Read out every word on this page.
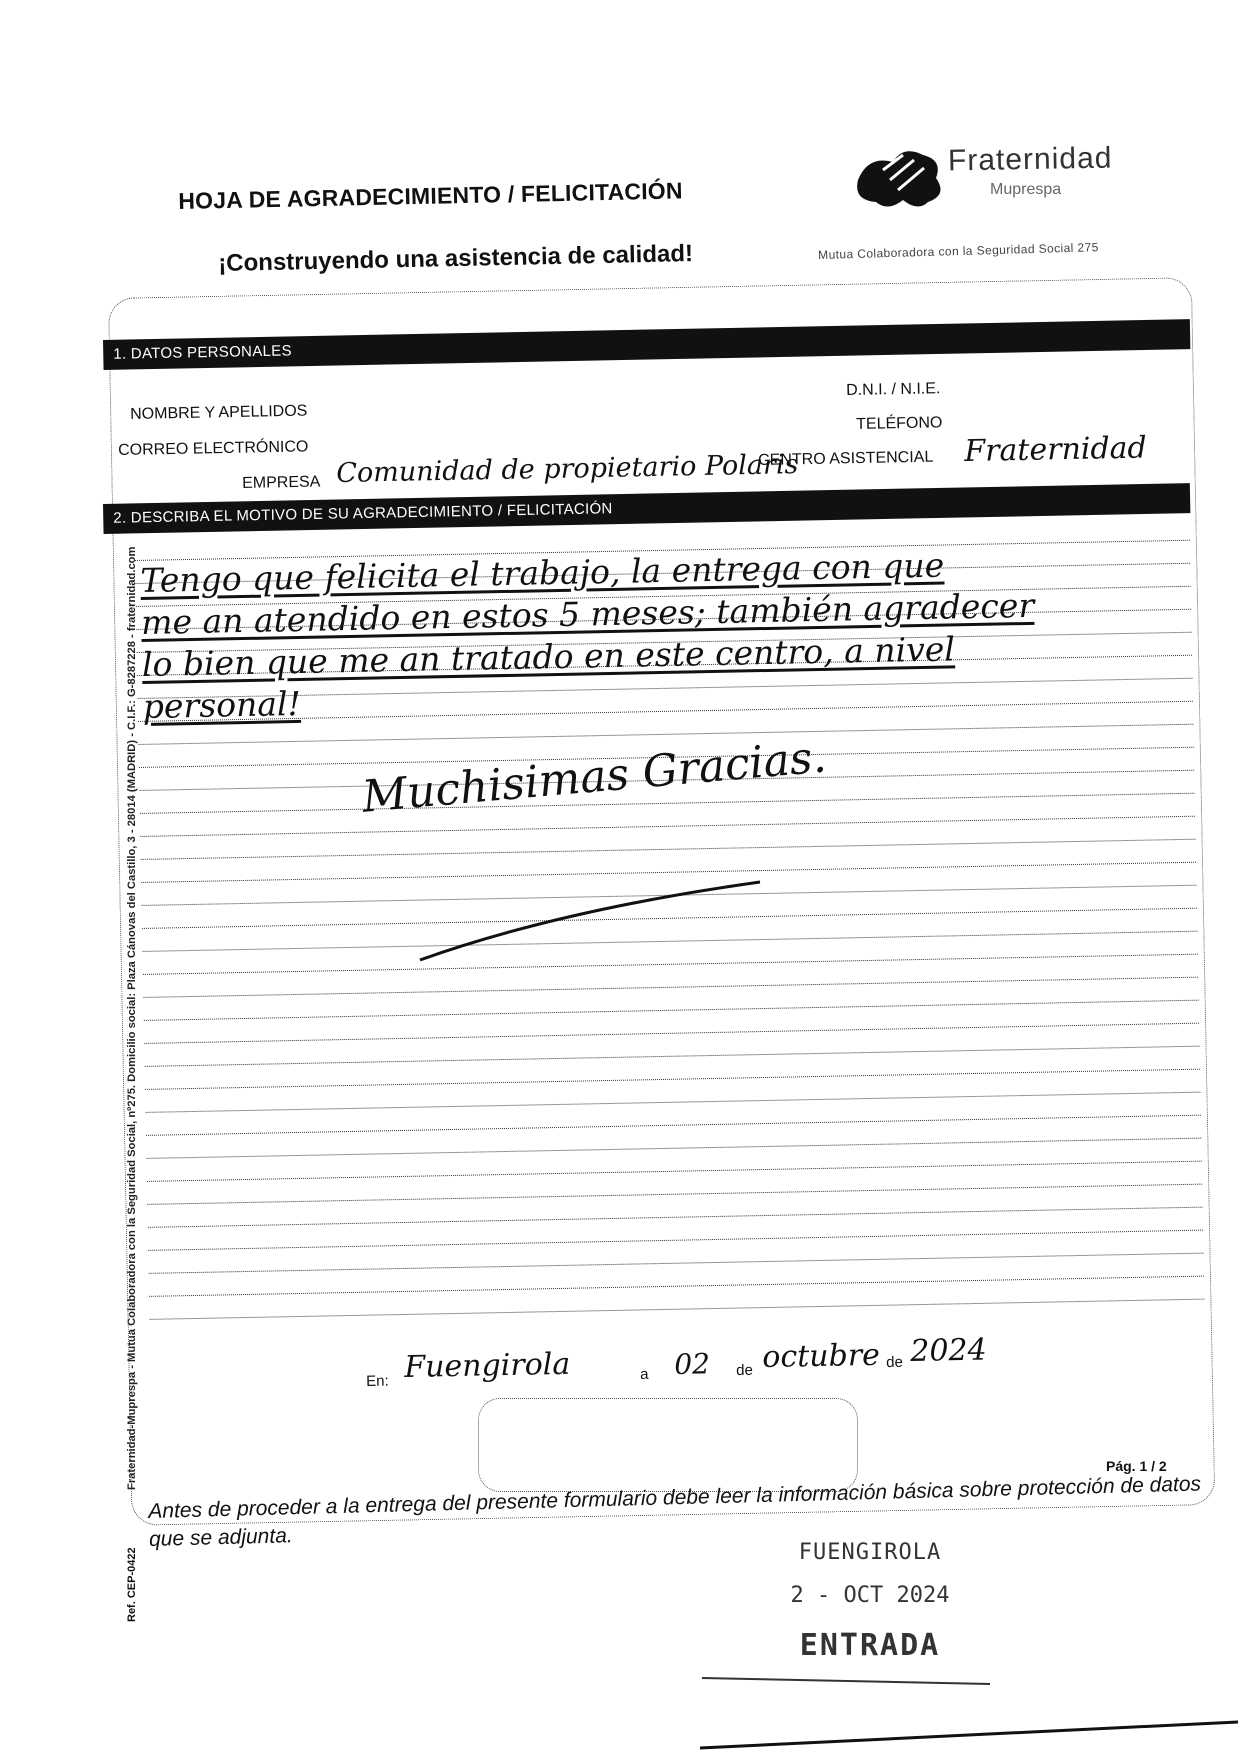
HOJA DE AGRADECIMIENTO / FELICITACIÓN
¡Construyendo una asistencia de calidad!
Fraternidad
Muprespa
Mutua Colaboradora con la Seguridad Social 275
Fraternidad-Muprespa - Mutua Colaboradora con la Seguridad Social, nº275. Domicilio social: Plaza Cánovas del Castillo, 3 - 28014 (MADRID) - C.I.F.: G-8287228 - fraternidad.com
Ref. CEP-0422
1. DATOS PERSONALES
NOMBRE Y APELLIDOS
CORREO ELECTRÓNICO
EMPRESA Comunidad de propietario Polaris
D.N.I. / N.I.E.
TELÉFONO
CENTRO ASISTENCIAL Fraternidad
2. DESCRIBA EL MOTIVO DE SU AGRADECIMIENTO / FELICITACIÓN
Tengo que felicita el trabajo, la entrega con que
me an atendido en estos 5 meses; también agradecer
lo bien que me an tratado en este centro, a nivel
personal!
Muchisimas Gracias.
En: Fuengirola	a 02 de octubre de 2024
Pág. 1 / 2
Antes de proceder a la entrega del presente formulario debe leer la información básica sobre protección de datos que se adjunta.
FUENGIROLA
2 - OCT 2024
ENTRADA
